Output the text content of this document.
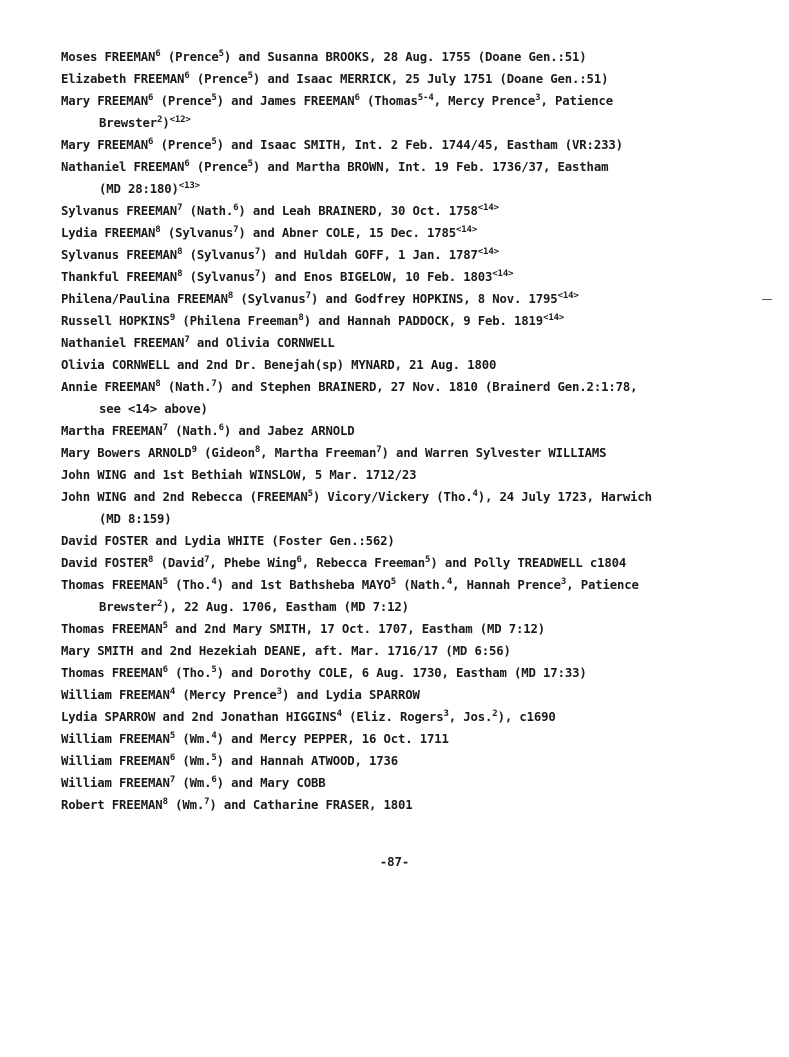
Moses FREEMAN$^6$ (Prence$^5$) and Susanna BROOKS, 28 Aug. 1755 (Doane Gen.:51)
Elizabeth FREEMAN$^6$ (Prence$^5$) and Isaac MERRICK, 25 July 1751 (Doane Gen.:51)
Mary FREEMAN$^6$ (Prence$^5$) and James FREEMAN$^6$ (Thomas$^{5-4}$, Mercy Prence$^3$, Patience
Brewster$^2$)$^{<12>}$
Mary FREEMAN$^6$ (Prence$^5$) and Isaac SMITH, Int. 2 Feb. 1744/45, Eastham (VR:233)
Nathaniel FREEMAN$^6$ (Prence$^5$) and Martha BROWN, Int. 19 Feb. 1736/37, Eastham
(MD 28:180)$^{<13>}$
Sylvanus FREEMAN$^7$ (Nath.$^6$) and Leah BRAINERD, 30 Oct. $1758^{<14>}$
Lydia FREEMAN$^8$ (Sylvanus$^7$) and Abner COLE, 15 Dec. $1785^{<14>}$
Sylvanus FREEMAN$^8$ (Sylvanus$^7$) and Huldah GOFF, 1 Jan. $1787^{<14>}$
Thankful FREEMAN$^8$ (Sylvanus$^7$) and Enos BIGELOW, 10 Feb. $1803^{<14>}$
Philena/Paulina FREEMAN$^8$ (Sylvanus$^7$) and Godfrey HOPKINS, 8 Nov. $1795^{<14>}$
Russell HOPKINS$^9$ (Philena Freeman$^8$) and Hannah PADDOCK, 9 Feb. $1819^{<14>}$
Nathaniel FREEMAN$^7$ and Olivia CORNWELL
Olivia CORNWELL and 2nd Dr. Benejah(sp) MYNARD, 21 Aug. 1800
Annie FREEMAN$^8$ (Nath.$^7$) and Stephen BRAINERD, 27 Nov. 1810 (Brainerd Gen.2:1:78,
see <14> above)
Martha FREEMAN$^7$ (Nath.$^6$) and Jabez ARNOLD
Mary Bowers ARNOLD$^9$ (Gideon$^8$, Martha Freeman$^7$) and Warren Sylvester WILLIAMS
John WING and 1st Bethiah WINSLOW, 5 Mar. 1712/23
John WING and 2nd Rebecca (FREEMAN$^5$) Vicory/Vickery (Tho.$^4$), 24 July 1723, Harwich
(MD 8:159)
David FOSTER and Lydia WHITE (Foster Gen.:562)
David FOSTER$^8$ (David$^7$, Phebe Wing$^6$, Rebecca Freeman$^5$) and Polly TREADWELL c1804
Thomas FREEMAN$^5$ (Tho.$^4$) and 1st Bathsheba MAYO$^5$ (Nath.$^4$, Hannah Prence$^3$, Patience
Brewster$^2$), 22 Aug. 1706, Eastham (MD 7:12)
Thomas FREEMAN$^5$ and 2nd Mary SMITH, 17 Oct. 1707, Eastham (MD 7:12)
Mary SMITH and 2nd Hezekiah DEANE, aft. Mar. 1716/17 (MD 6:56)
Thomas FREEMAN$^6$ (Tho.$^5$) and Dorothy COLE, 6 Aug. 1730, Eastham (MD 17:33)
William FREEMAN$^4$ (Mercy Prence$^3$) and Lydia SPARROW
Lydia SPARROW and 2nd Jonathan HIGGINS$^4$ (Eliz. Rogers$^3$, Jos.$^2$), c1690
William FREEMAN$^5$ (Wm.$^4$) and Mercy PEPPER, 16 Oct. 1711
William FREEMAN$^6$ (Wm.$^5$) and Hannah ATWOOD, 1736
William FREEMAN$^7$ (Wm.$^6$) and Mary COBB
Robert FREEMAN$^8$ (Wm.$^7$) and Catharine FRASER, 1801
-87-
